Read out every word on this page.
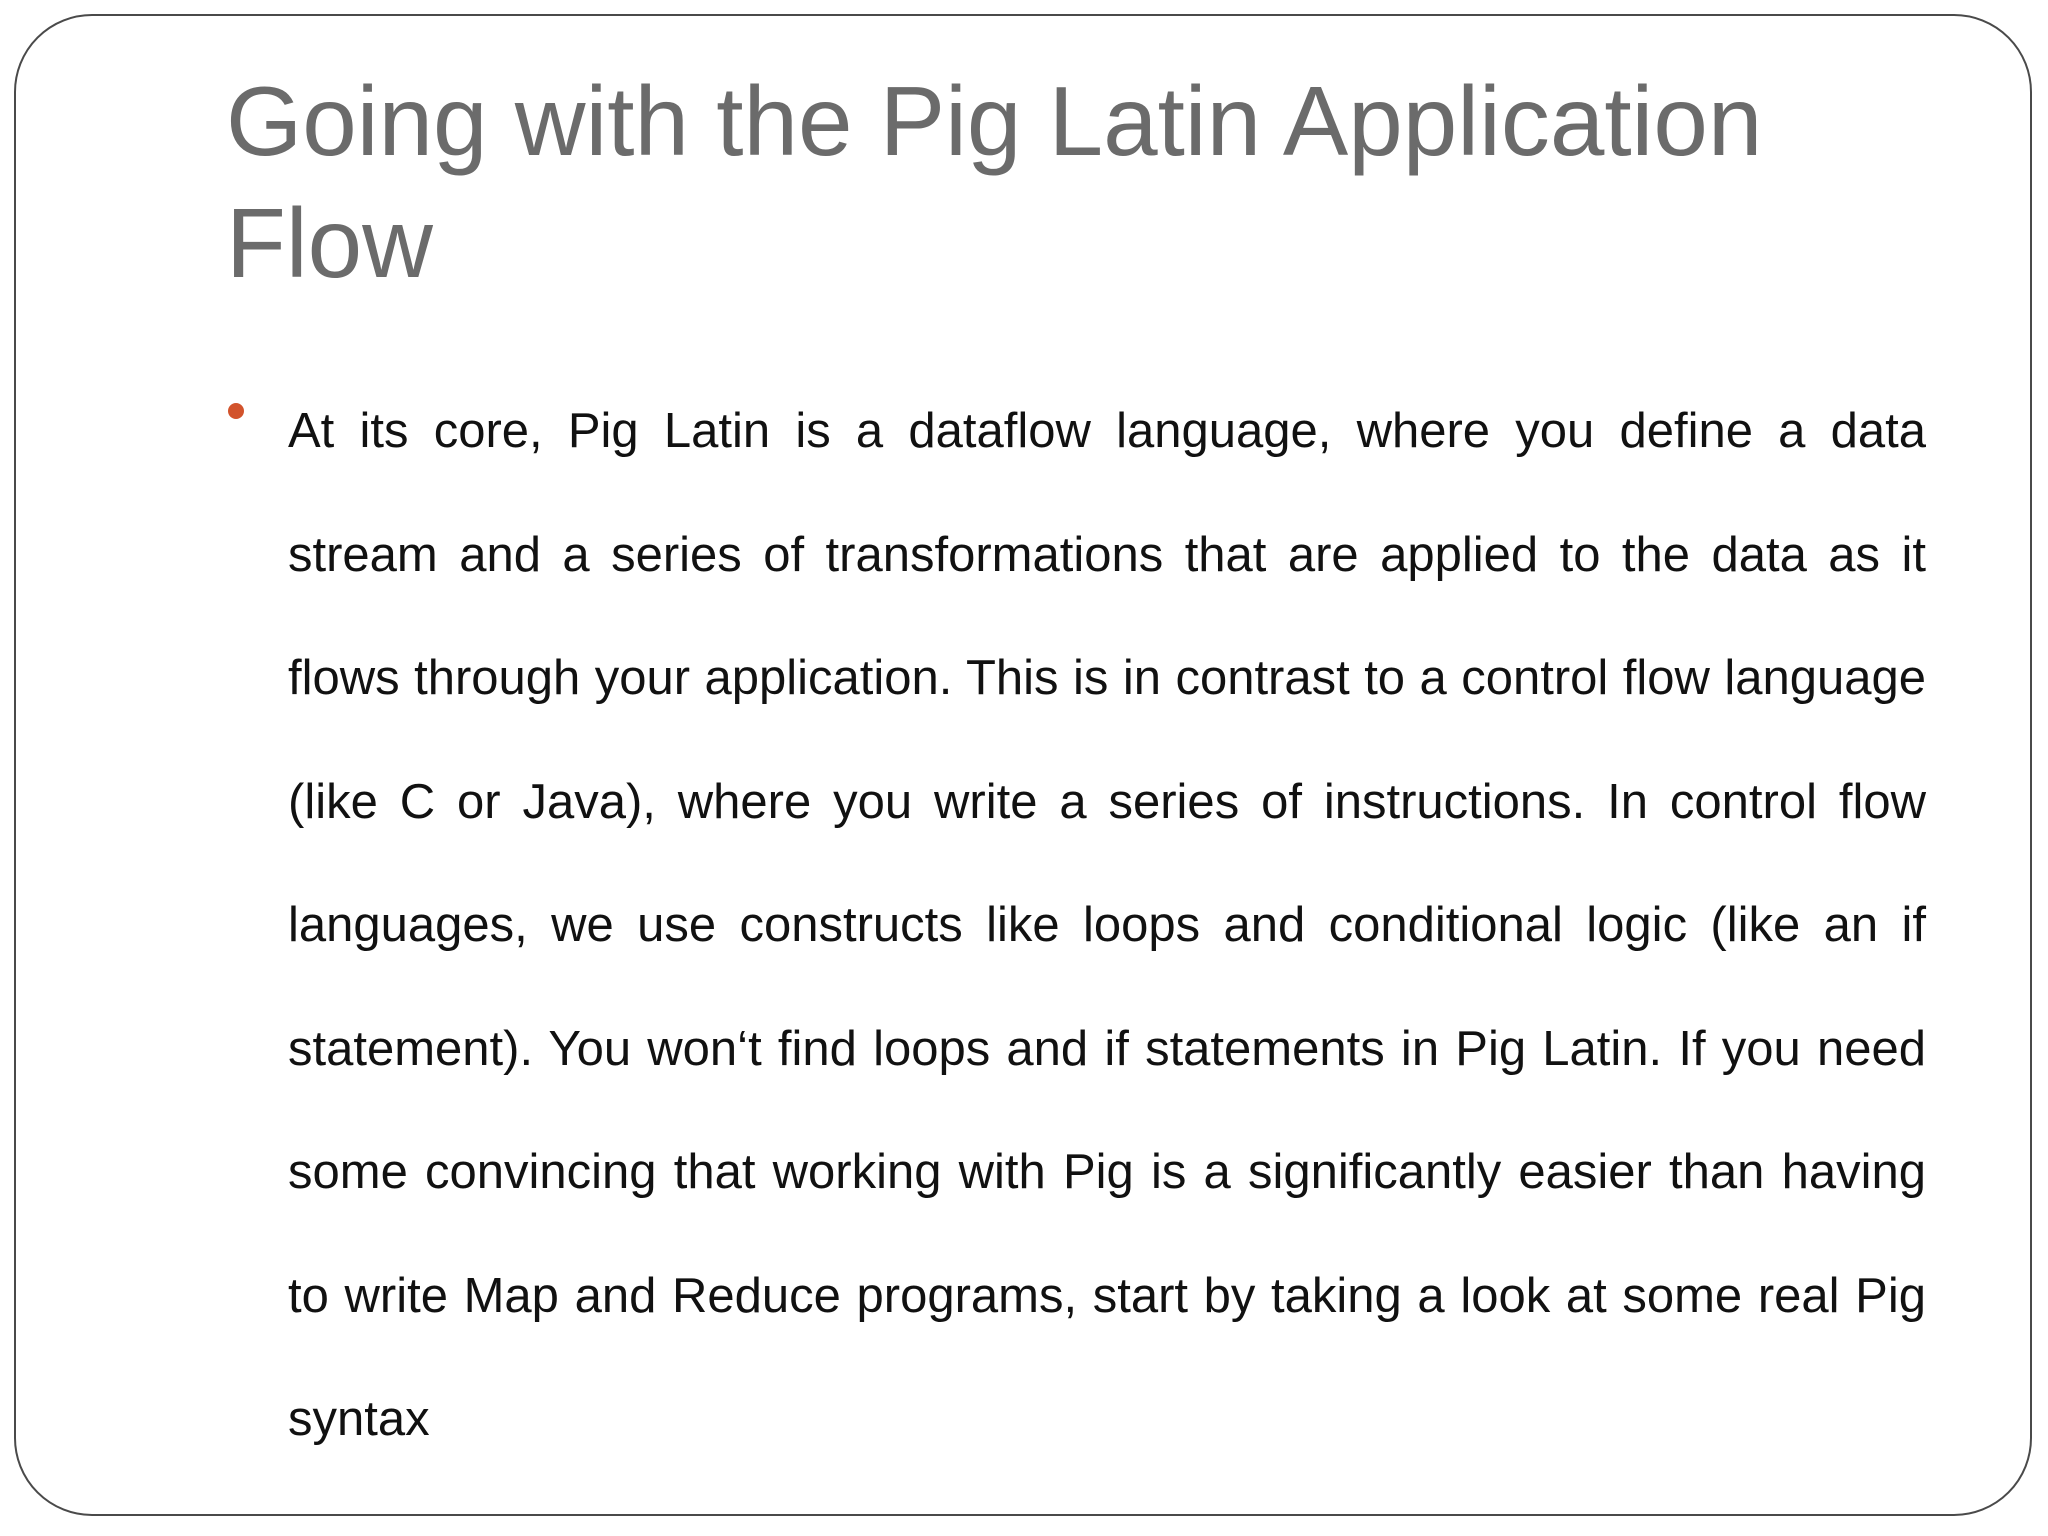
Going with the Pig Latin Application Flow
At its core, Pig Latin is a dataflow language, where you define a data stream and a series of transformations that are applied to the data as it flows through your application. This is in contrast to a control flow language (like C or Java), where you write a series of instructions. In control flow languages, we use constructs like loops and conditional logic (like an if statement). You won‘t find loops and if statements in Pig Latin. If you need some convincing that working with Pig is a significantly easier than having to write Map and Reduce programs, start by taking a look at some real Pig syntax
